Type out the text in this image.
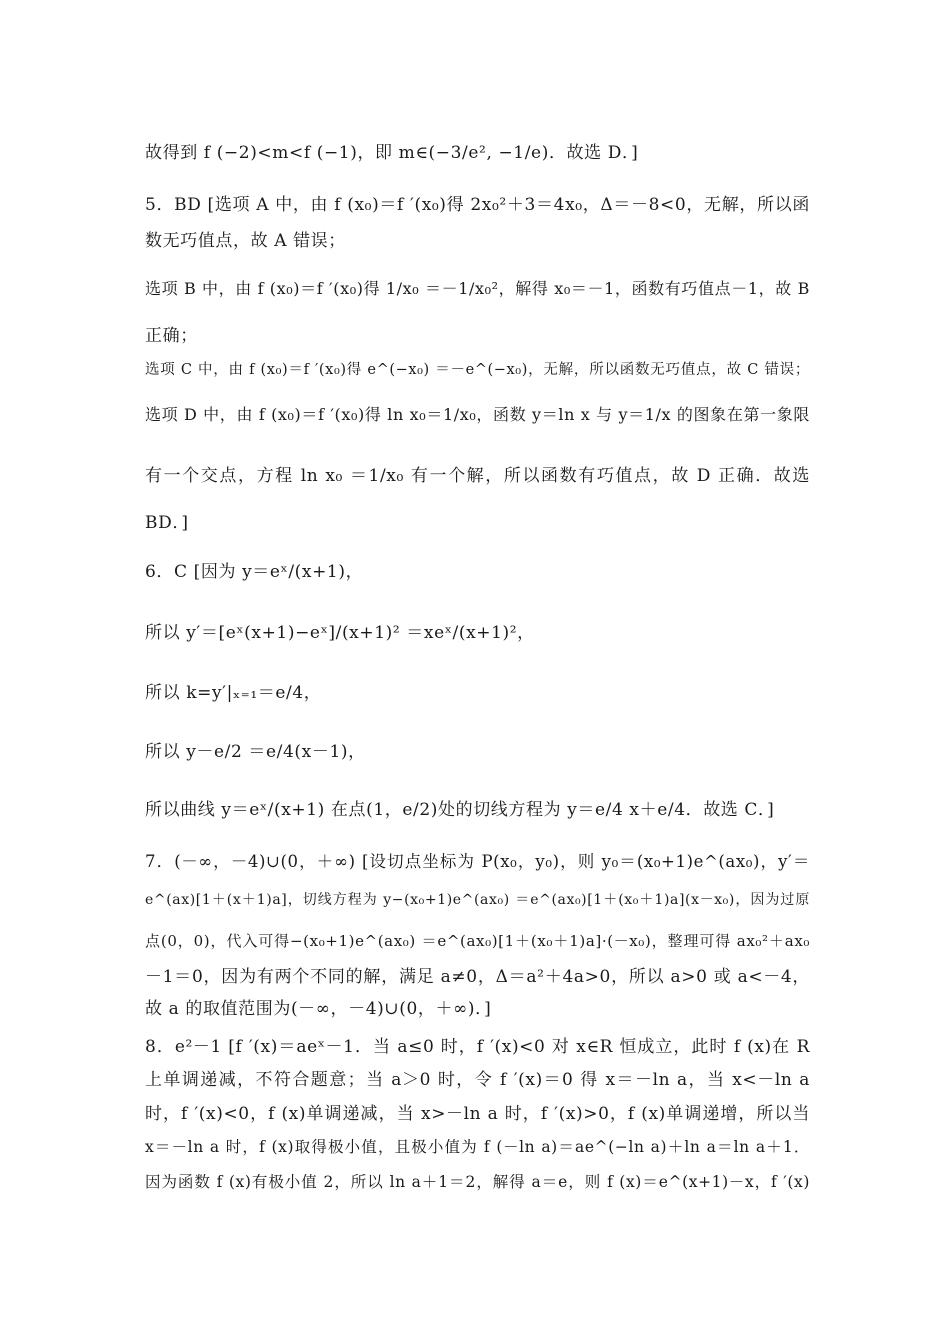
故得到 f (−2)<m<f (−1)，即 m∈(−3/e², −1/e)．故选 D．]
5．BD [选项 A 中，由 f (x₀)＝f ′(x₀)得 2x₀²＋3＝4x₀，Δ＝－8<0，无解，所以函
数无巧值点，故 A 错误；
选项 B 中，由 f (x₀)＝f ′(x₀)得 1/x₀ ＝－1/x₀²，解得 x₀＝－1，函数有巧值点－1，故 B
正确；
选项 C 中，由 f (x₀)＝f ′(x₀)得 e^(−x₀) ＝－e^(−x₀)，无解，所以函数无巧值点，故 C 错误；
选项 D 中，由 f (x₀)＝f ′(x₀)得 ln x₀＝1/x₀，函数 y＝ln x 与 y＝1/x 的图象在第一象限
有一个交点，方程 ln x₀ ＝1/x₀ 有一个解，所以函数有巧值点，故 D 正确．故选
BD．]
6．C [因为 y＝eˣ/(x+1)，
所以 y′＝[eˣ(x+1)−eˣ]/(x+1)² ＝xeˣ/(x+1)²，
所以 k=y′|ₓ₌₁＝e/4，
所以 y－e/2 ＝e/4(x－1)，
所以曲线 y＝eˣ/(x+1) 在点(1，e/2)处的切线方程为 y＝e/4 x＋e/4．故选 C．]
7．(－∞，－4)∪(0，＋∞) [设切点坐标为 P(x₀，y₀)，则 y₀＝(x₀+1)e^(ax₀)，y′＝
e^(ax)[1＋(x＋1)a]，切线方程为 y−(x₀+1)e^(ax₀) ＝e^(ax₀)[1＋(x₀＋1)a](x－x₀)，因为过原
点(0，0)，代入可得−(x₀+1)e^(ax₀) ＝e^(ax₀)[1＋(x₀＋1)a]·(－x₀)，整理可得 ax₀²＋ax₀
－1＝0，因为有两个不同的解，满足 a≠0，Δ＝a²＋4a>0，所以 a>0 或 a<－4，
故 a 的取值范围为(－∞，－4)∪(0，＋∞)．]
8．e²－1 [f ′(x)＝aeˣ－1．当 a≤0 时，f ′(x)<0 对 x∈R 恒成立，此时 f (x)在 R
上单调递减，不符合题意；当 a＞0 时，令 f ′(x)＝0 得 x＝－ln a，当 x<－ln a
时，f ′(x)<0，f (x)单调递减，当 x>－ln a 时，f ′(x)>0，f (x)单调递增，所以当
x＝－ln a 时，f (x)取得极小值，且极小值为 f (－ln a)＝ae^(−ln a)＋ln a＝ln a＋1．
因为函数 f (x)有极小值 2，所以 ln a＋1＝2，解得 a＝e，则 f (x)＝e^(x+1)－x，f ′(x)
